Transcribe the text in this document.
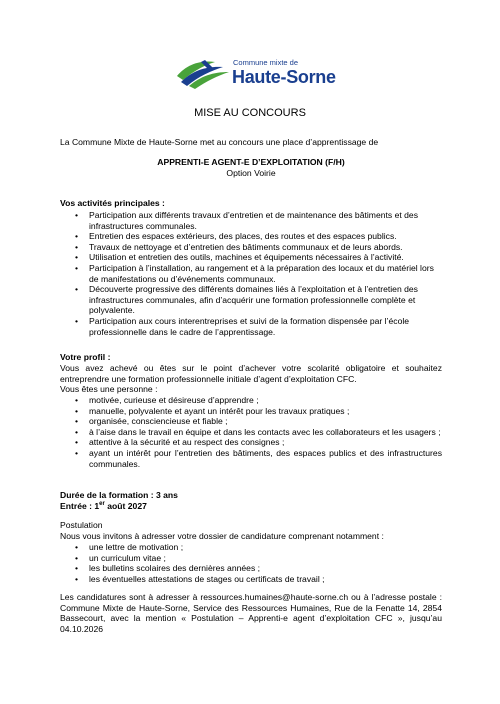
Commune mixte de
Haute-Sorne
MISE AU CONCOURS
La Commune Mixte de Haute-Sorne met au concours une place d’apprentissage de
APPRENTI-E AGENT-E D’EXPLOITATION (F/H)
Option Voirie
Vos activités principales :
• Participation aux différents travaux d’entretien et de maintenance des bâtiments et des infrastructures communales.
• Entretien des espaces extérieurs, des places, des routes et des espaces publics.
• Travaux de nettoyage et d’entretien des bâtiments communaux et de leurs abords.
• Utilisation et entretien des outils, machines et équipements nécessaires à l’activité.
• Participation à l’installation, au rangement et à la préparation des locaux et du matériel lors de manifestations ou d’événements communaux.
• Découverte progressive des différents domaines liés à l’exploitation et à l’entretien des infrastructures communales, afin d’acquérir une formation professionnelle complète et polyvalente.
• Participation aux cours interentreprises et suivi de la formation dispensée par l’école professionnelle dans le cadre de l’apprentissage.
Votre profil :
Vous avez achevé ou êtes sur le point d’achever votre scolarité obligatoire et souhaitez entreprendre une formation professionnelle initiale d’agent d’exploitation CFC.
Vous êtes une personne :
• motivée, curieuse et désireuse d’apprendre ;
• manuelle, polyvalente et ayant un intérêt pour les travaux pratiques ;
• organisée, consciencieuse et fiable ;
• à l’aise dans le travail en équipe et dans les contacts avec les collaborateurs et les usagers ;
• attentive à la sécurité et au respect des consignes ;
• ayant un intérêt pour l’entretien des bâtiments, des espaces publics et des infrastructures communales.
Durée de la formation : 3 ans
Entrée : 1er août 2027
Postulation
Nous vous invitons à adresser votre dossier de candidature comprenant notamment :
• une lettre de motivation ;
• un curriculum vitae ;
• les bulletins scolaires des dernières années ;
• les éventuelles attestations de stages ou certificats de travail ;
Les candidatures sont à adresser à ressources.humaines@haute-sorne.ch ou à l’adresse postale : Commune Mixte de Haute-Sorne, Service des Ressources Humaines, Rue de la Fenatte 14, 2854 Bassecourt, avec la mention « Postulation – Apprenti-e agent d’exploitation CFC », jusqu’au 04.10.2026
